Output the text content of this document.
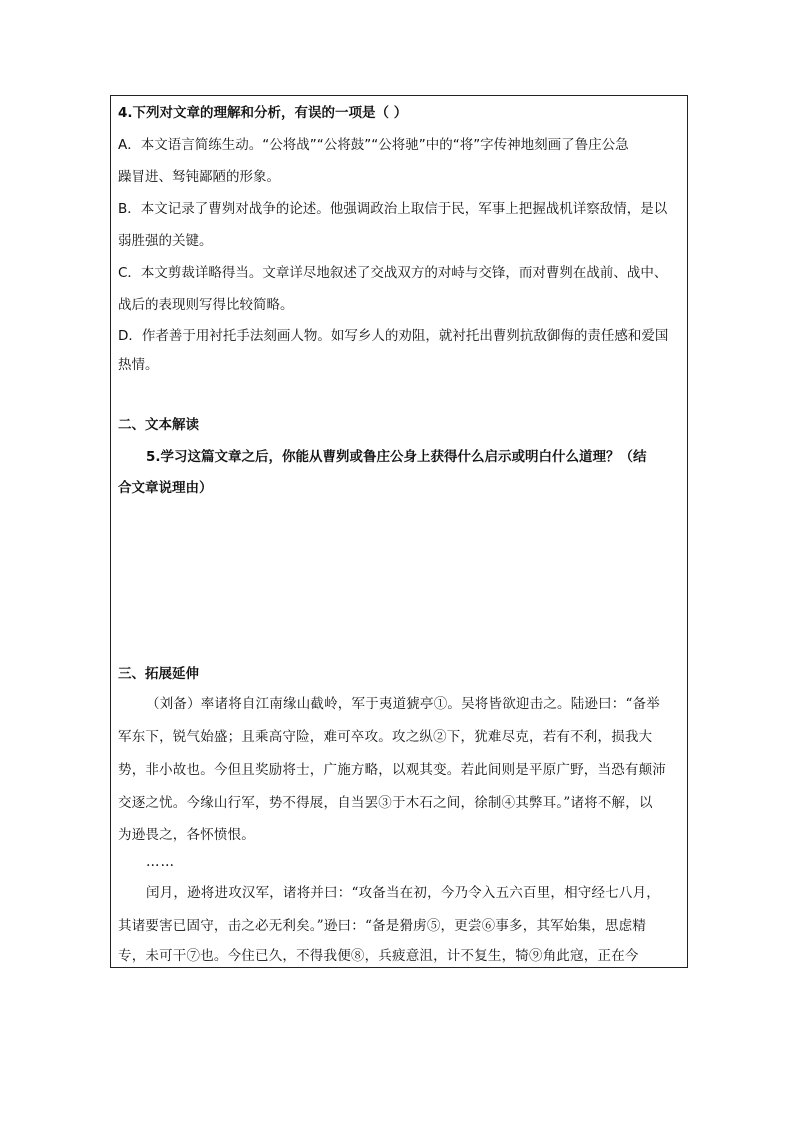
4.下列对文章的理解和分析，有误的一项是（ ）
A．本文语言简练生动。“公将战”“公将鼓”“公将驰”中的“将”字传神地刻画了鲁庄公急
躁冒进、驽钝鄙陋的形象。
B．本文记录了曹刿对战争的论述。他强调政治上取信于民，军事上把握战机详察敌情，是以
弱胜强的关键。
C．本文剪裁详略得当。文章详尽地叙述了交战双方的对峙与交锋，而对曹刿在战前、战中、
战后的表现则写得比较简略。
D．作者善于用衬托手法刻画人物。如写乡人的劝阻，就衬托出曹刿抗敌御侮的责任感和爱国
热情。
二、文本解读
5.学习这篇文章之后，你能从曹刿或鲁庄公身上获得什么启示或明白什么道理？（结
合文章说理由）
三、拓展延伸
（刘备）率诸将自江南缘山截岭，军于夷道猇亭①。吴将皆欲迎击之。陆逊曰：“备举
军东下，锐气始盛；且乘高守险，难可卒攻。攻之纵②下，犹难尽克，若有不利，损我大
势，非小故也。今但且奖励将士，广施方略，以观其变。若此间则是平原广野，当恐有颠沛
交逐之忧。今缘山行军，势不得展，自当罢③于木石之间，徐制④其弊耳。”诸将不解，以
为逊畏之，各怀愤恨。
……
闰月，逊将进攻汉军，诸将并曰：“攻备当在初，今乃令入五六百里，相守经七八月，
其诸要害已固守，击之必无利矣。”逊曰：“备是猾虏⑤，更尝⑥事多，其军始集，思虑精
专，未可干⑦也。今住已久，不得我便⑧，兵疲意沮，计不复生，犄⑨角此寇，正在今
